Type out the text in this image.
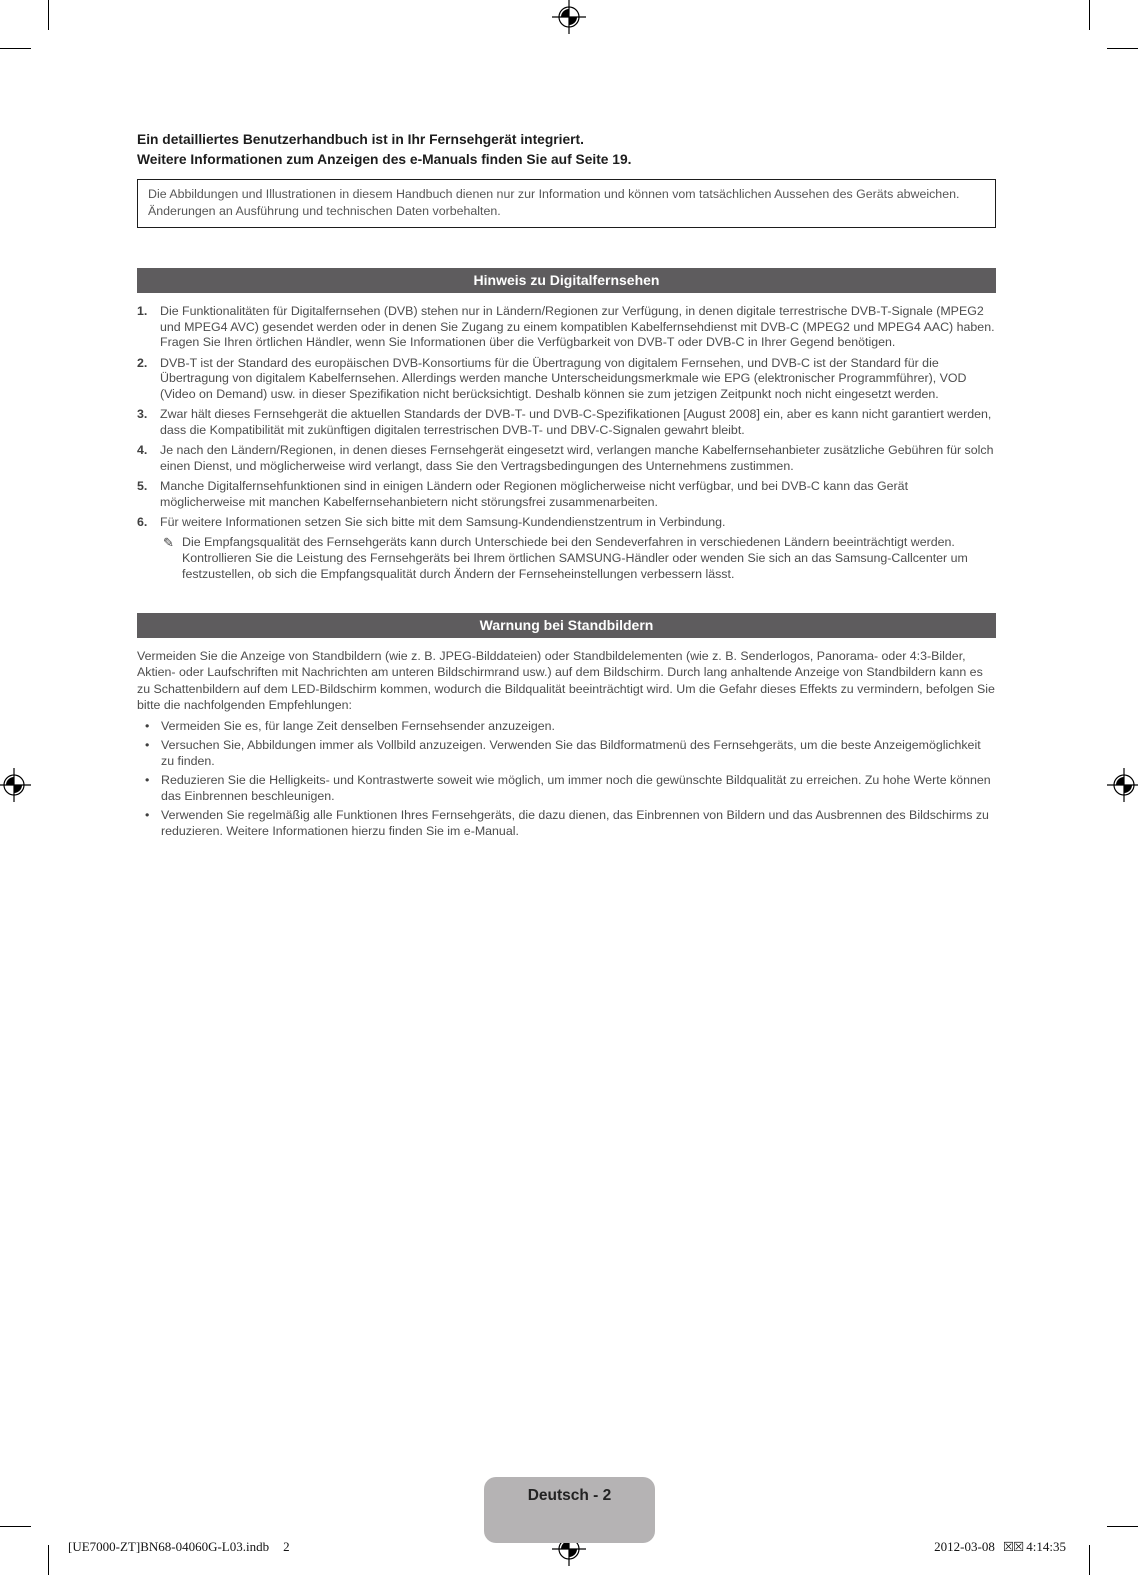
Ein detailliertes Benutzerhandbuch ist in Ihr Fernsehgerät integriert.
Weitere Informationen zum Anzeigen des e-Manuals finden Sie auf Seite 19.
Die Abbildungen und Illustrationen in diesem Handbuch dienen nur zur Information und können vom tatsächlichen Aussehen des Geräts abweichen. Änderungen an Ausführung und technischen Daten vorbehalten.
Hinweis zu Digitalfernsehen
1.	Die Funktionalitäten für Digitalfernsehen (DVB) stehen nur in Ländern/Regionen zur Verfügung, in denen digitale terrestrische DVB-T-Signale (MPEG2 und MPEG4 AVC) gesendet werden oder in denen Sie Zugang zu einem kompatiblen Kabelfernsehdienst mit DVB-C (MPEG2 und MPEG4 AAC) haben. Fragen Sie Ihren örtlichen Händler, wenn Sie Informationen über die Verfügbarkeit von DVB-T oder DVB-C in Ihrer Gegend benötigen.
2.	DVB-T ist der Standard des europäischen DVB-Konsortiums für die Übertragung von digitalem Fernsehen, und DVB-C ist der Standard für die Übertragung von digitalem Kabelfernsehen. Allerdings werden manche Unterscheidungsmerkmale wie EPG (elektronischer Programmführer), VOD (Video on Demand) usw. in dieser Spezifikation nicht berücksichtigt. Deshalb können sie zum jetzigen Zeitpunkt noch nicht eingesetzt werden.
3.	Zwar hält dieses Fernsehgerät die aktuellen Standards der DVB-T- und DVB-C-Spezifikationen [August 2008] ein, aber es kann nicht garantiert werden, dass die Kompatibilität mit zukünftigen digitalen terrestrischen DVB-T- und DBV-C-Signalen gewahrt bleibt.
4.	Je nach den Ländern/Regionen, in denen dieses Fernsehgerät eingesetzt wird, verlangen manche Kabelfernsehanbieter zusätzliche Gebühren für solch einen Dienst, und möglicherweise wird verlangt, dass Sie den Vertragsbedingungen des Unternehmens zustimmen.
5.	Manche Digitalfernsehfunktionen sind in einigen Ländern oder Regionen möglicherweise nicht verfügbar, und bei DVB-C kann das Gerät möglicherweise mit manchen Kabelfernsehanbietern nicht störungsfrei zusammenarbeiten.
6.	Für weitere Informationen setzen Sie sich bitte mit dem Samsung-Kundendienstzentrum in Verbindung.
✎ Die Empfangsqualität des Fernsehgeräts kann durch Unterschiede bei den Sendeverfahren in verschiedenen Ländern beeinträchtigt werden. Kontrollieren Sie die Leistung des Fernsehgeräts bei Ihrem örtlichen SAMSUNG-Händler oder wenden Sie sich an das Samsung-Callcenter um festzustellen, ob sich die Empfangsqualität durch Ändern der Fernseheinstellungen verbessern lässt.
Warnung bei Standbildern
Vermeiden Sie die Anzeige von Standbildern (wie z. B. JPEG-Bilddateien) oder Standbildelementen (wie z. B. Senderlogos, Panorama- oder 4:3-Bilder, Aktien- oder Laufschriften mit Nachrichten am unteren Bildschirmrand usw.) auf dem Bildschirm. Durch lang anhaltende Anzeige von Standbildern kann es zu Schattenbildern auf dem LED-Bildschirm kommen, wodurch die Bildqualität beeinträchtigt wird. Um die Gefahr dieses Effekts zu vermindern, befolgen Sie bitte die nachfolgenden Empfehlungen:
• Vermeiden Sie es, für lange Zeit denselben Fernsehsender anzuzeigen.
• Versuchen Sie, Abbildungen immer als Vollbild anzuzeigen. Verwenden Sie das Bildformatmenü des Fernsehgeräts, um die beste Anzeigemöglichkeit zu finden.
• Reduzieren Sie die Helligkeits- und Kontrastwerte soweit wie möglich, um immer noch die gewünschte Bildqualität zu erreichen. Zu hohe Werte können das Einbrennen beschleunigen.
• Verwenden Sie regelmäßig alle Funktionen Ihres Fernsehgeräts, die dazu dienen, das Einbrennen von Bildern und das Ausbrennen des Bildschirms zu reduzieren. Weitere Informationen hierzu finden Sie im e-Manual.
Deutsch - 2
[UE7000-ZT]BN68-04060G-L03.indb 2	2012-03-08 ☒☒ 4:14:35
